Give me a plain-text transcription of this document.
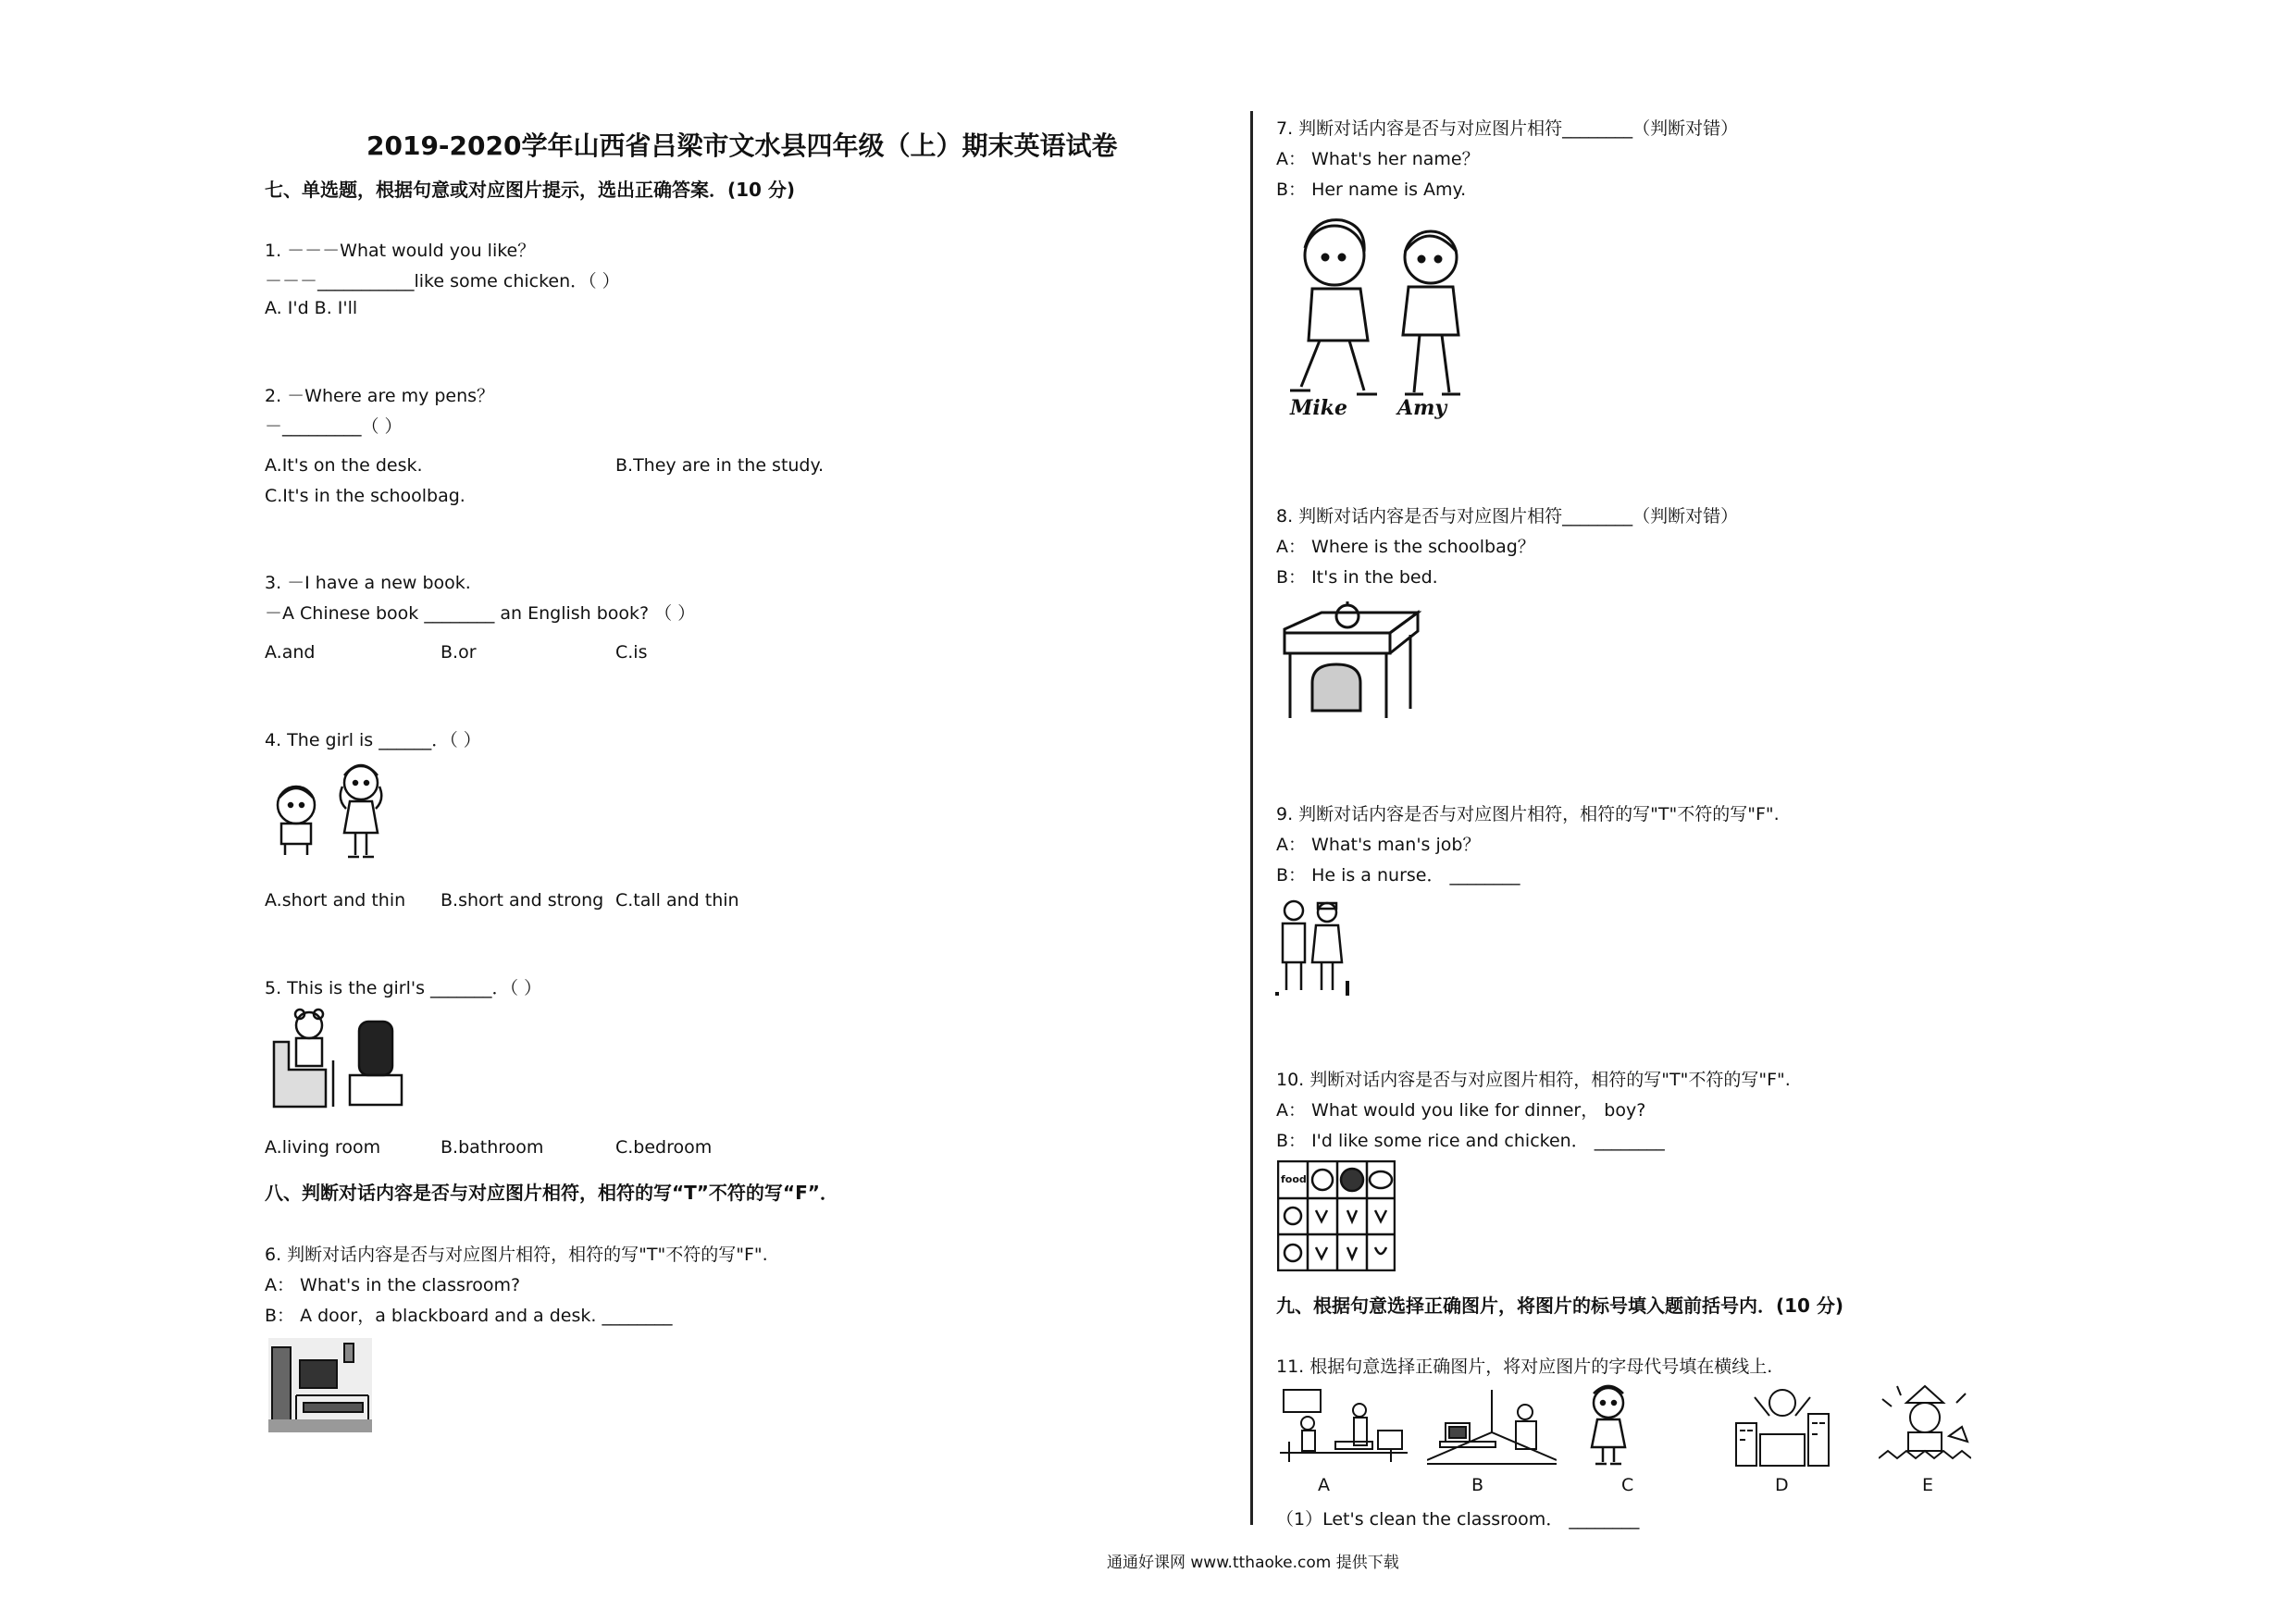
2019-2020学年山西省吕梁市文水县四年级（上）期末英语试卷
七、单选题，根据句意或对应图片提示，选出正确答案．(10 分)
1. －－－What would you like？
－－－___________like some chicken．（ ）
A. I'd B. I'll
2. －Where are my pens？
－_________（ ）
A.It's on the desk.	B.They are in the study.
C.It's in the schoolbag.
3. －I have a new book.
－A Chinese book ________ an English book? （ ）
A.and	B.or	C.is
4. The girl is ______．（ ）
A.short and thin B.short and strong C.tall and thin
5. This is the girl's _______．（ ）
A.living room	B.bathroom	C.bedroom
八、判断对话内容是否与对应图片相符，相符的写“T”不符的写“F”．
6. 判断对话内容是否与对应图片相符，相符的写"T"不符的写"F".
A： What's in the classroom?
B： A door，a blackboard and a desk. ________
7. 判断对话内容是否与对应图片相符________（判断对错）
A： What's her name？
B： Her name is Amy.
Mike Amy
8. 判断对话内容是否与对应图片相符________（判断对错）
A： Where is the schoolbag？
B： It's in the bed.
9. 判断对话内容是否与对应图片相符，相符的写"T"不符的写"F".
A： What's man's job？
B： He is a nurse． ________
10. 判断对话内容是否与对应图片相符，相符的写"T"不符的写"F".
A： What would you like for dinner， boy?
B： I'd like some rice and chicken． ________
food
九、根据句意选择正确图片，将图片的标号填入题前括号内．(10 分)
11. 根据句意选择正确图片，将对应图片的字母代号填在横线上.
A	B	C	D	E
（1）Let's clean the classroom． ________
通通好课网 www.tthaoke.com 提供下载
